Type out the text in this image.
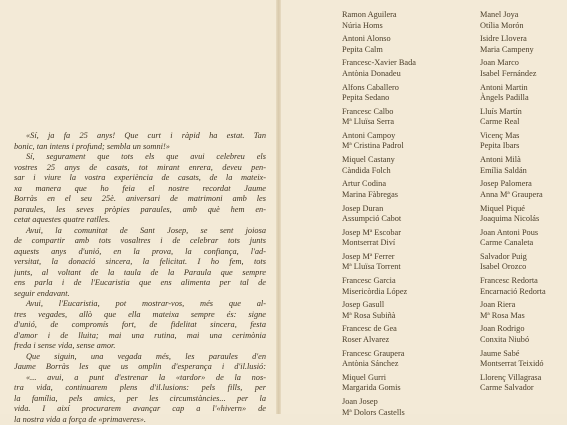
«Sí, ja fa 25 anys! Que curt i ràpid ha estat. Tan
bonic, tan intens i profund; sembla un somni!»
Sí, segurament que tots els que avui celebreu els
vostres 25 anys de casats, tot mirant enrera, deveu pen-
sar i viure la vostra experiència de casats, de la mateix-
xa manera que ho feia el nostre recordat Jaume
Borràs en el seu 25è. aniversari de matrimoni amb les
paraules, les seves pròpies paraules, amb què hem en-
cetat aquestes quatre ratlles.
Avui, la comunitat de Sant Josep, se sent joiosa
de compartir amb tots vosaltres i de celebrar tots junts
aquests anys d'unió, en la prova, la confiança, l'ad-
versitat, la donació sincera, la felicitat. I ho fem, tots
junts, al voltant de la taula de la Paraula que sempre
ens parla i de l'Eucaristia que ens alimenta per tal de
seguir endavant.
Avui, l'Eucaristia, pot mostrar-vos, més que al-
tres vegades, allò que ella mateixa sempre és: signe
d'unió, de compromís fort, de fidelitat sincera, festa
d'amor i de lluita; mai una rutina, mai una cerimònia
freda i sense vida, sense amor.
Que siguin, una vegada més, les paraules d'en
Jaume Borràs les que us omplin d'esperança i d'il.lusió:
«... avui, a punt d'estrenar la «tardor» de la nos-
tra vida, continuarem plens d'il.lusions: pels fills, per
la família, pels amics, per les circumstàncies... per la
vida. I així procurarem avançar cap a l'«hivern» de
la nostra vida a força de «primaveres».
Ramon Aguilera
Núria Homs
Antoni Alonso
Pepita Calm
Francesc-Xavier Bada
Antònia Donadeu
Alfons Caballero
Pepita Sedano
Francesc Calbo
Mª Lluïsa Serra
Antoni Campoy
Mª Cristina Padrol
Miquel Castany
Càndida Folch
Artur Codina
Marina Fàbregas
Josep Duran
Assumpció Cabot
Josep Mª Escobar
Montserrat Diví
Josep Mª Ferrer
Mª Lluïsa Torrent
Francesc Garcia
Misericòrdia López
Josep Gasull
Mª Rosa Subiñà
Francesc de Gea
Roser Alvarez
Francesc Graupera
Antònia Sánchez
Miquel Gurri
Margarida Gomis
Joan Josep
Mª Dolors Castells
Manel Joya
Otília Morón
Isidre Llovera
Maria Campeny
Joan Marco
Isabel Fernández
Antoni Martin
Àngels Padilla
Lluís Martín
Carme Real
Vicenç Mas
Pepita Ibars
Antoni Milà
Emília Saldán
Josep Palomera
Anna Mª Graupera
Miquel Piqué
Joaquima Nicolás
Joan Antoni Pous
Carme Canaleta
Salvador Puig
Isabel Orozco
Francesc Redorta
Encarnació Redorta
Joan Riera
Mª Rosa Mas
Joan Rodrigo
Conxita Niubó
Jaume Sabé
Montserrat Teixidó
Llorenç Villagrasa
Carme Salvador
